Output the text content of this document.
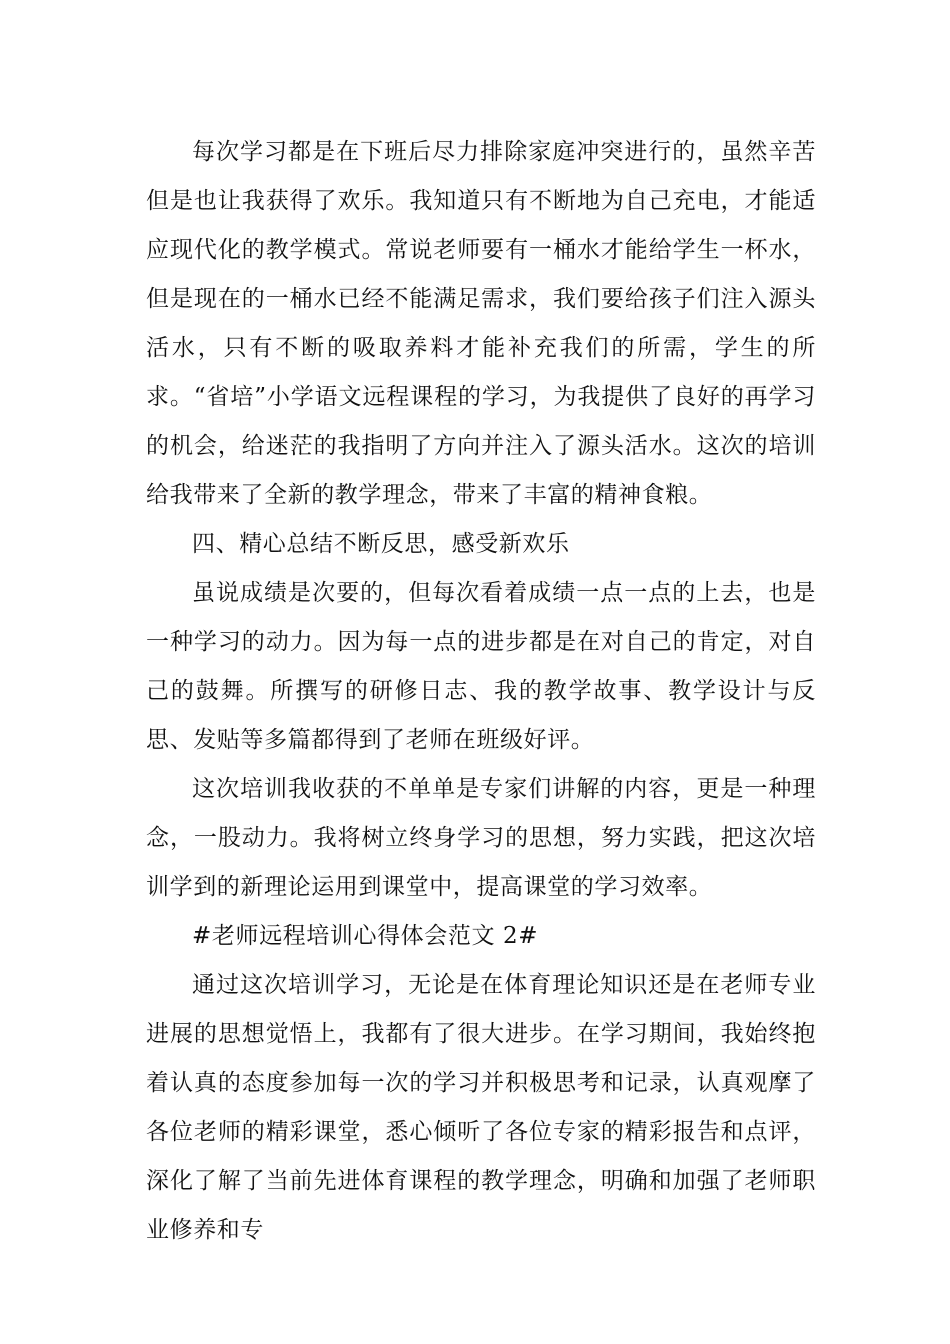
每次学习都是在下班后尽力排除家庭冲突进行的，虽然辛苦但是也让我获得了欢乐。我知道只有不断地为自己充电，才能适应现代化的教学模式。常说老师要有一桶水才能给学生一杯水，但是现在的一桶水已经不能满足需求，我们要给孩子们注入源头活水，只有不断的吸取养料才能补充我们的所需，学生的所求。“省培”小学语文远程课程的学习，为我提供了良好的再学习的机会，给迷茫的我指明了方向并注入了源头活水。这次的培训给我带来了全新的教学理念，带来了丰富的精神食粮。

四、精心总结不断反思，感受新欢乐

虽说成绩是次要的，但每次看着成绩一点一点的上去，也是一种学习的动力。因为每一点的进步都是在对自己的肯定，对自己的鼓舞。所撰写的研修日志、我的教学故事、教学设计与反思、发贴等多篇都得到了老师在班级好评。

这次培训我收获的不单单是专家们讲解的内容，更是一种理念，一股动力。我将树立终身学习的思想，努力实践，把这次培训学到的新理论运用到课堂中，提高课堂的学习效率。

#老师远程培训心得体会范文 2#

通过这次培训学习，无论是在体育理论知识还是在老师专业进展的思想觉悟上，我都有了很大进步。在学习期间，我始终抱着认真的态度参加每一次的学习并积极思考和记录，认真观摩了各位老师的精彩课堂，悉心倾听了各位专家的精彩报告和点评，深化了解了当前先进体育课程的教学理念，明确和加强了老师职业修养和专
